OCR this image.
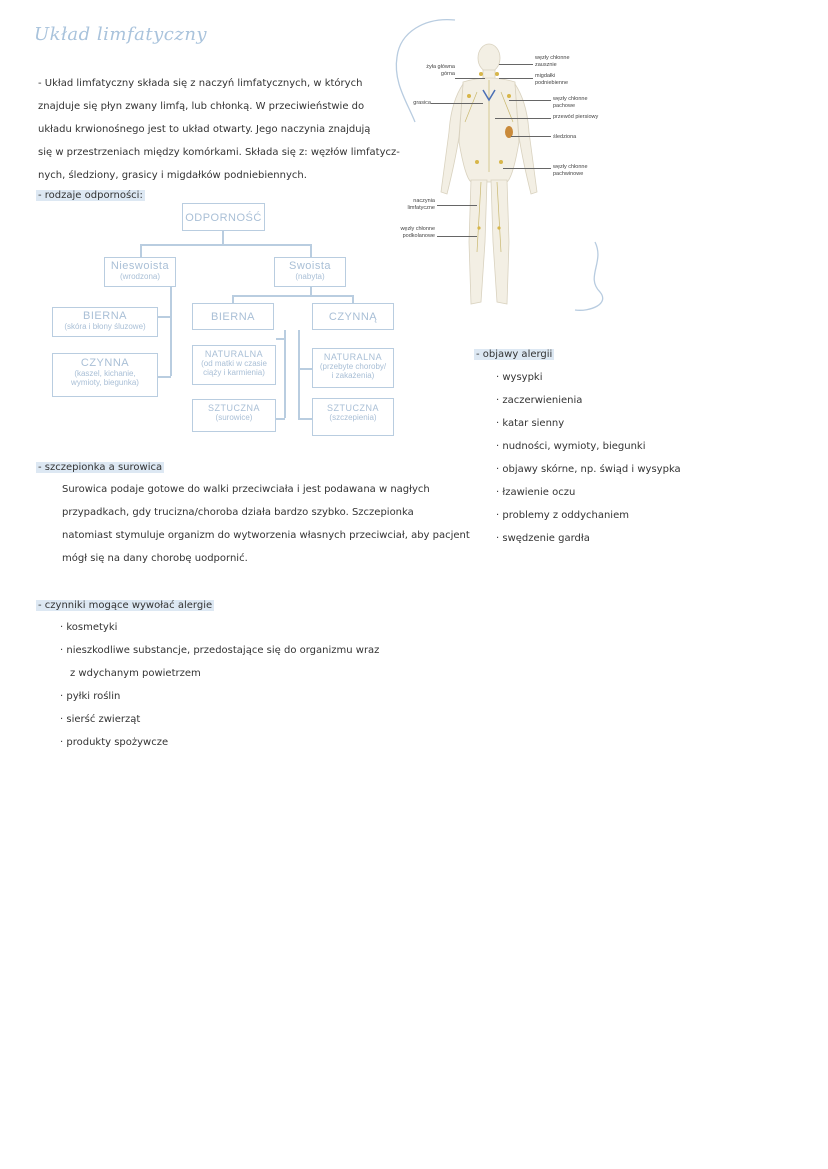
Układ limfatyczny
- Układ limfatyczny składa się z naczyń limfatycznych, w których
znajduje się płyn zwany limfą, lub chłonką. W przeciwieństwie do
układu krwionośnego jest to układ otwarty. Jego naczynia znajdują
się w przestrzeniach między komórkami. Składa się z: węzłów limfatycz-
nych, śledziony, grasicy i migdałków podniebiennych.
- rodzaje odporności:
ODPORNOŚĆ
Nieswoista
(wrodzona)
Swoista
(nabyta)
BIERNA
(skóra i błony śluzowe)
CZYNNA
(kaszel, kichanie,
wymioty, biegunka)
BIERNA	CZYNNĄ
NATURALNA
(od matki w czasie
ciąży i karmienia)
SZTUCZNA
(surowice)
NATURALNA
(przebyte choroby/
i zakażenia)
SZTUCZNA
(szczepienia)
żyła główna górna
grasica
naczynia limfatyczne
węzły chłonne podkolanowe
węzły chłonne zausznie
migdałki podniebienne
węzły chłonne pachowe
przewód piersiowy
śledziona
węzły chłonne pachwinowe
- objawy alergii
· wysypki
· zaczerwienienia
· katar sienny
· nudności, wymioty, biegunki
· objawy skórne, np. świąd i wysypka
· łzawienie oczu
· problemy z oddychaniem
· swędzenie gardła
- szczepionka a surowica
Surowica podaje gotowe do walki przeciwciała i jest podawana w nagłych
przypadkach, gdy trucizna/choroba działa bardzo szybko. Szczepionka
natomiast stymuluje organizm do wytworzenia własnych przeciwciał, aby pacjent
mógł się na dany chorobę uodpornić.
- czynniki mogące wywołać alergie
· kosmetyki
· nieszkodliwe substancje, przedostające się do organizmu wraz
z wdychanym powietrzem
· pyłki roślin
· sierść zwierząt
· produkty spożywcze
